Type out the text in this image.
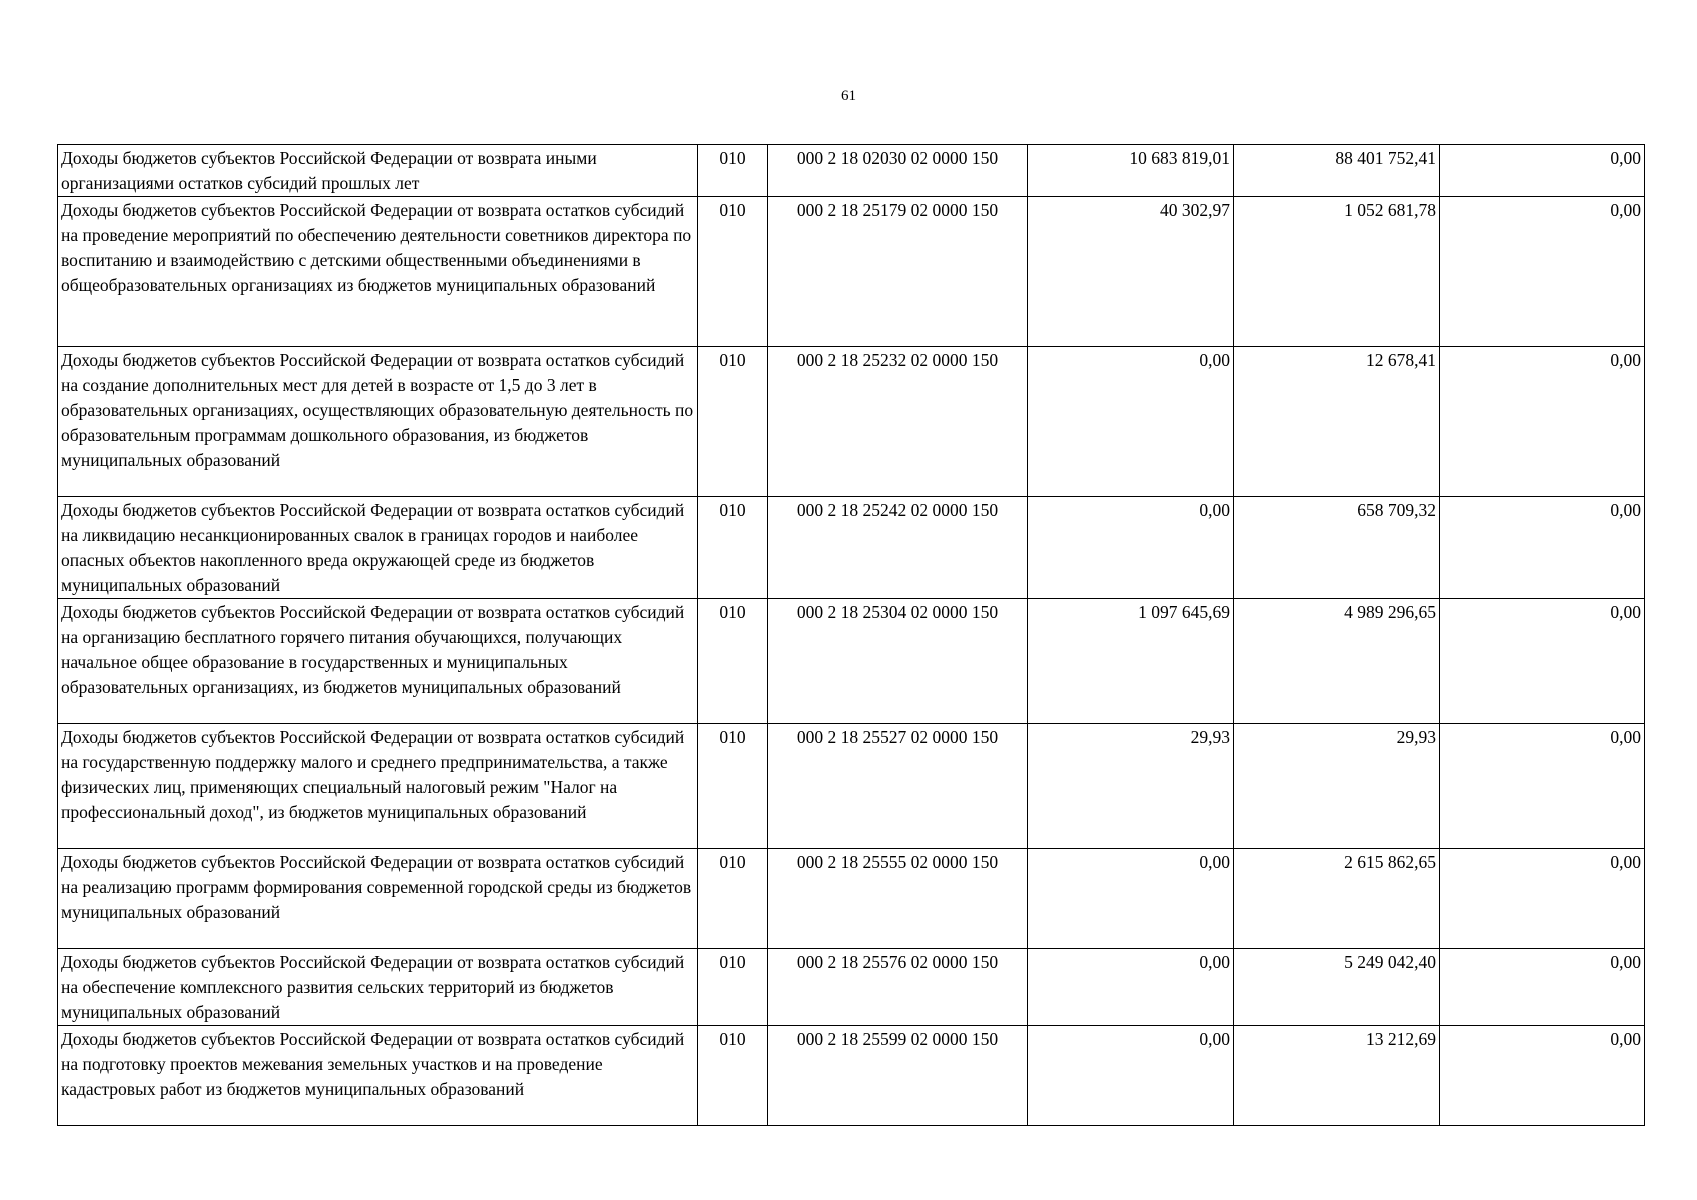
61
Доходы бюджетов субъектов Российской Федерации от возврата иными организациями остатков субсидий прошлых лет	010	000 2 18 02030 02 0000 150	10 683 819,01	88 401 752,41	0,00
Доходы бюджетов субъектов Российской Федерации от возврата остатков субсидий на проведение мероприятий по обеспечению деятельности советников директора по воспитанию и взаимодействию с детскими общественными объединениями в общеобразовательных организациях из бюджетов муниципальных образований	010	000 2 18 25179 02 0000 150	40 302,97	1 052 681,78	0,00
Доходы бюджетов субъектов Российской Федерации от возврата остатков субсидий на создание дополнительных мест для детей в возрасте от 1,5 до 3 лет в образовательных организациях, осуществляющих образовательную деятельность по образовательным программам дошкольного образования, из бюджетов муниципальных образований	010	000 2 18 25232 02 0000 150	0,00	12 678,41	0,00
Доходы бюджетов субъектов Российской Федерации от возврата остатков субсидий на ликвидацию несанкционированных свалок в границах городов и наиболее опасных объектов накопленного вреда окружающей среде из бюджетов муниципальных образований	010	000 2 18 25242 02 0000 150	0,00	658 709,32	0,00
Доходы бюджетов субъектов Российской Федерации от возврата остатков субсидий на организацию бесплатного горячего питания обучающихся, получающих начальное общее образование в государственных и муниципальных образовательных организациях, из бюджетов муниципальных образований	010	000 2 18 25304 02 0000 150	1 097 645,69	4 989 296,65	0,00
Доходы бюджетов субъектов Российской Федерации от возврата остатков субсидий на государственную поддержку малого и среднего предпринимательства, а также физических лиц, применяющих специальный налоговый режим "Налог на профессиональный доход", из бюджетов муниципальных образований	010	000 2 18 25527 02 0000 150	29,93	29,93	0,00
Доходы бюджетов субъектов Российской Федерации от возврата остатков субсидий на реализацию программ формирования современной городской среды из бюджетов муниципальных образований	010	000 2 18 25555 02 0000 150	0,00	2 615 862,65	0,00
Доходы бюджетов субъектов Российской Федерации от возврата остатков субсидий на обеспечение комплексного развития сельских территорий из бюджетов муниципальных образований	010	000 2 18 25576 02 0000 150	0,00	5 249 042,40	0,00
Доходы бюджетов субъектов Российской Федерации от возврата остатков субсидий на подготовку проектов межевания земельных участков и на проведение кадастровых работ из бюджетов муниципальных образований	010	000 2 18 25599 02 0000 150	0,00	13 212,69	0,00
